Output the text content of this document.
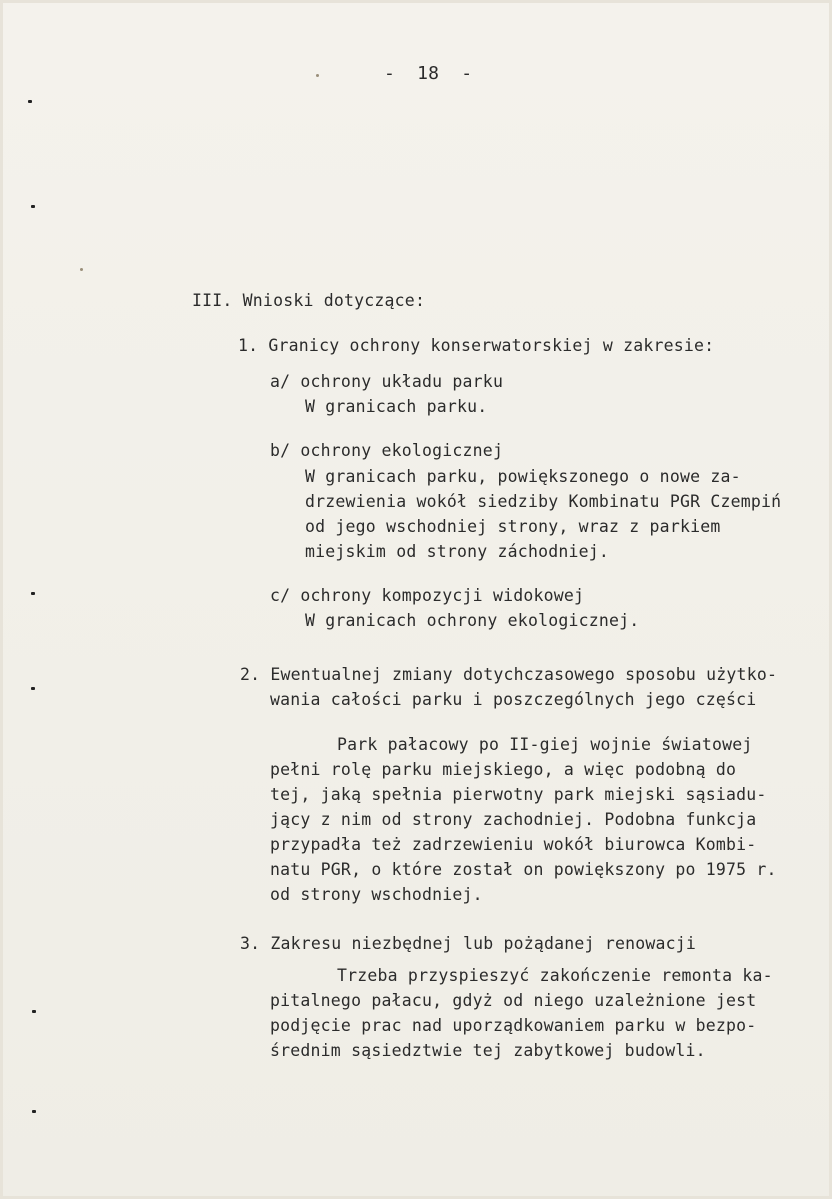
-  18  -
III. Wnioski dotyczące:
1. Granicy ochrony konserwatorskiej w zakresie:
a/ ochrony układu parku
W granicach parku.
b/ ochrony ekologicznej
W granicach parku, powiększonego o nowe za-
drzewienia wokół siedziby Kombinatu PGR Czempiń
od jego wschodniej strony, wraz z parkiem
miejskim od strony záchodniej.
c/ ochrony kompozycji widokowej
W granicach ochrony ekologicznej.
2. Ewentualnej zmiany dotychczasowego sposobu użytko-
wania całości parku i poszczególnych jego części
Park pałacowy po II-giej wojnie światowej
pełni rolę parku miejskiego, a więc podobną do
tej, jaką spełnia pierwotny park miejski sąsiadu-
jący z nim od strony zachodniej. Podobna funkcja
przypadła też zadrzewieniu wokół biurowca Kombi-
natu PGR, o które został on powiększony po 1975 r.
od strony wschodniej.
3. Zakresu niezbędnej lub pożądanej renowacji
Trzeba przyspieszyć zakończenie remonta ka-
pitalnego pałacu, gdyż od niego uzależnione jest
podjęcie prac nad uporządkowaniem parku w bezpo-
średnim sąsiedztwie tej zabytkowej budowli.
